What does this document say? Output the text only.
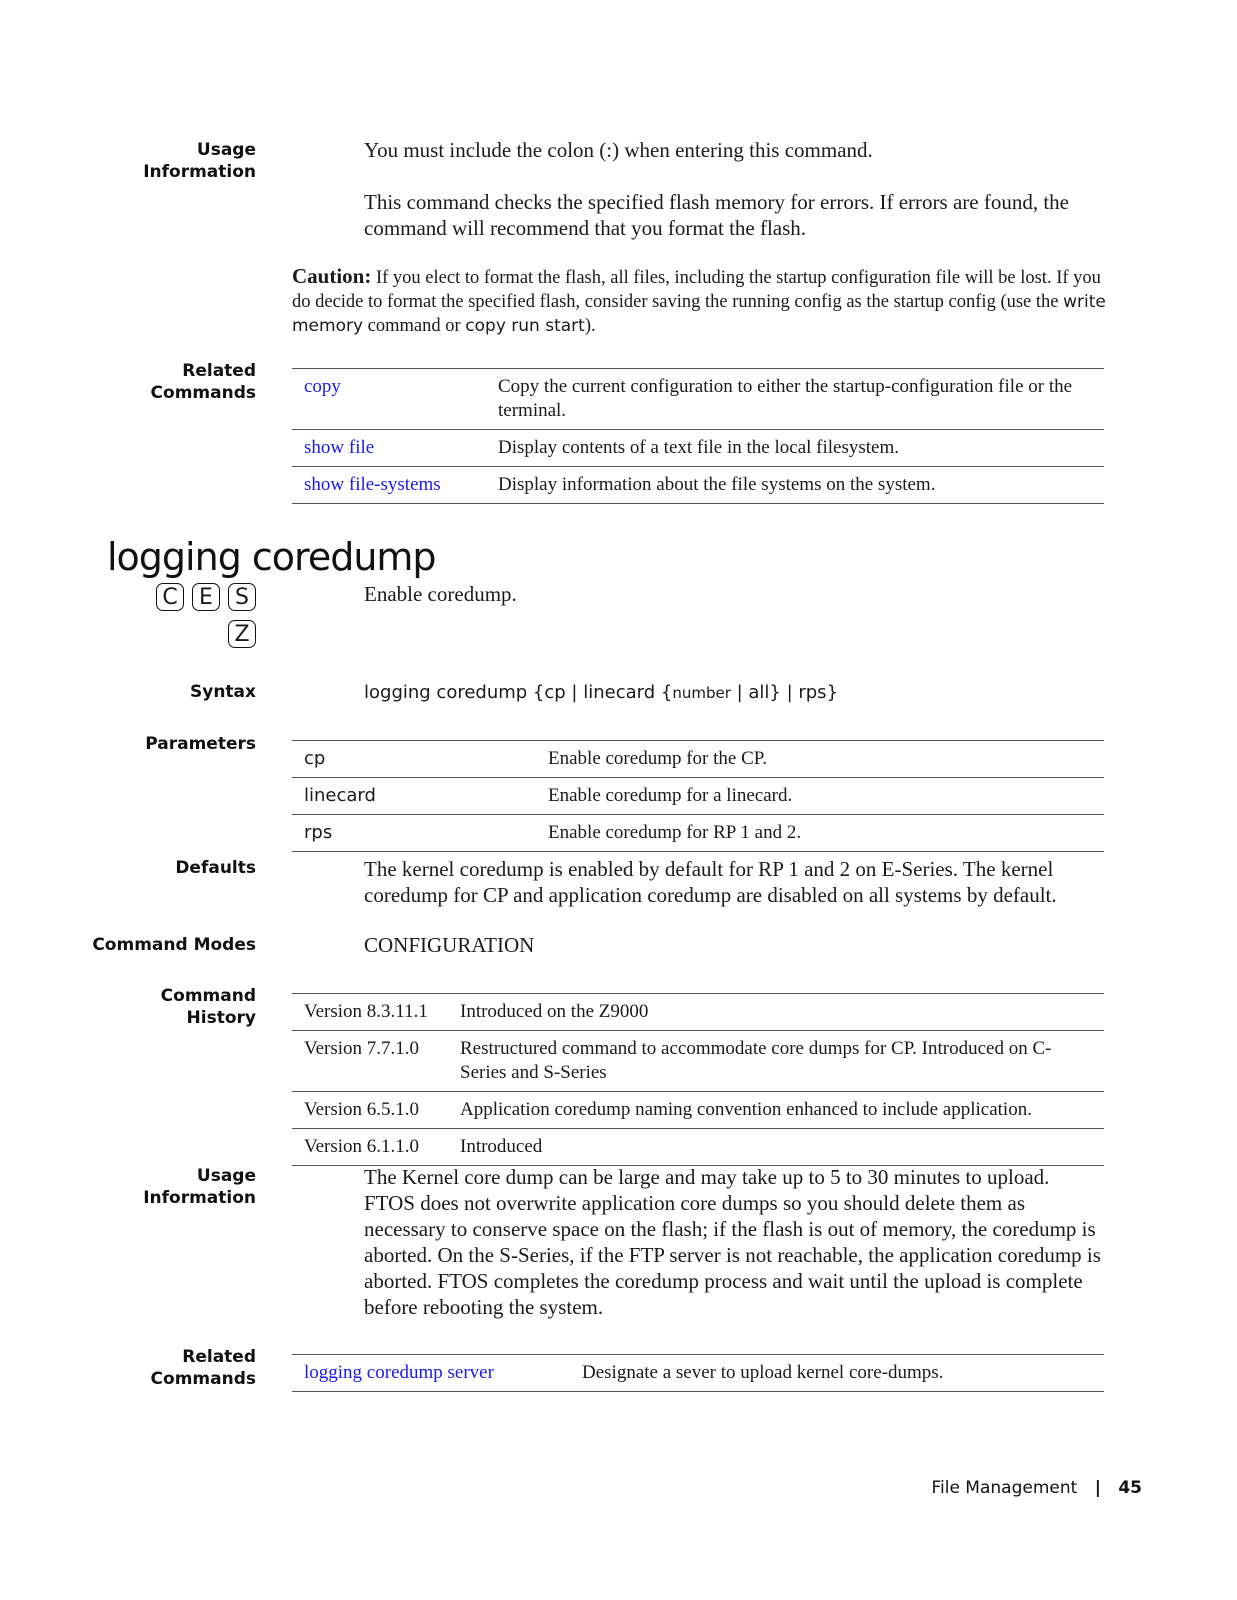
Usage
Information
You must include the colon (:) when entering this command.
This command checks the specified flash memory for errors. If errors are found, the command will recommend that you format the flash.
Caution: If you elect to format the flash, all files, including the startup configuration file will be lost. If you do decide to format the specified flash, consider saving the running config as the startup config (use the write memory command or copy run start).
Related
Commands	copy	Copy the current configuration to either the startup-configuration file or the terminal.
show file	Display contents of a text file in the local filesystem.
show file-systems	Display information about the file systems on the system.
logging coredump
C E S
Z
Enable coredump.
Syntax	logging coredump {cp | linecard {number | all} | rps}
Parameters
cp	Enable coredump for the CP.
linecard	Enable coredump for a linecard.
rps	Enable coredump for RP 1 and 2.
Defaults	The kernel coredump is enabled by default for RP 1 and 2 on E-Series. The kernel coredump for CP and application coredump are disabled on all systems by default.
Command Modes	CONFIGURATION
Command
History	Version 8.3.11.1	Introduced on the Z9000
Version 7.7.1.0	Restructured command to accommodate core dumps for CP. Introduced on C-Series and S-Series
Version 6.5.1.0	Application coredump naming convention enhanced to include application.
Version 6.1.1.0	Introduced
Usage
Information
The Kernel core dump can be large and may take up to 5 to 30 minutes to upload. FTOS does not overwrite application core dumps so you should delete them as necessary to conserve space on the flash; if the flash is out of memory, the coredump is aborted. On the S-Series, if the FTP server is not reachable, the application coredump is aborted. FTOS completes the coredump process and wait until the upload is complete before rebooting the system.
Related
Commands	logging coredump server	Designate a sever to upload kernel core-dumps.
File Management | 45
